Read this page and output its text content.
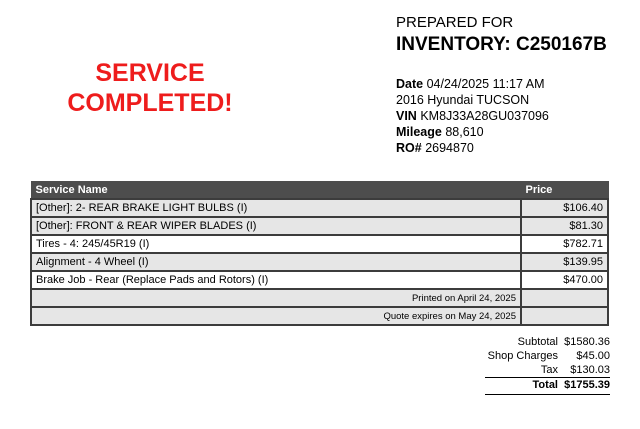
SERVICE
COMPLETED!
PREPARED FOR
INVENTORY: C250167B
Date 04/24/2025 11:17 AM
2016 Hyundai TUCSON
VIN KM8J33A28GU037096
Mileage 88,610
RO# 2694870
Service Name	Price
[Other]: 2- REAR BRAKE LIGHT BULBS (I)	$106.40
[Other]: FRONT & REAR WIPER BLADES (I)	$81.30
Tires - 4: 245/45R19 (I)	$782.71
Alignment - 4 Wheel (I)	$139.95
Brake Job - Rear (Replace Pads and Rotors) (I)	$470.00
Printed on April 24, 2025	
Quote expires on May 24, 2025	
Subtotal $1580.36
Shop Charges	$45.00
Tax	$130.03
Total $1755.39
